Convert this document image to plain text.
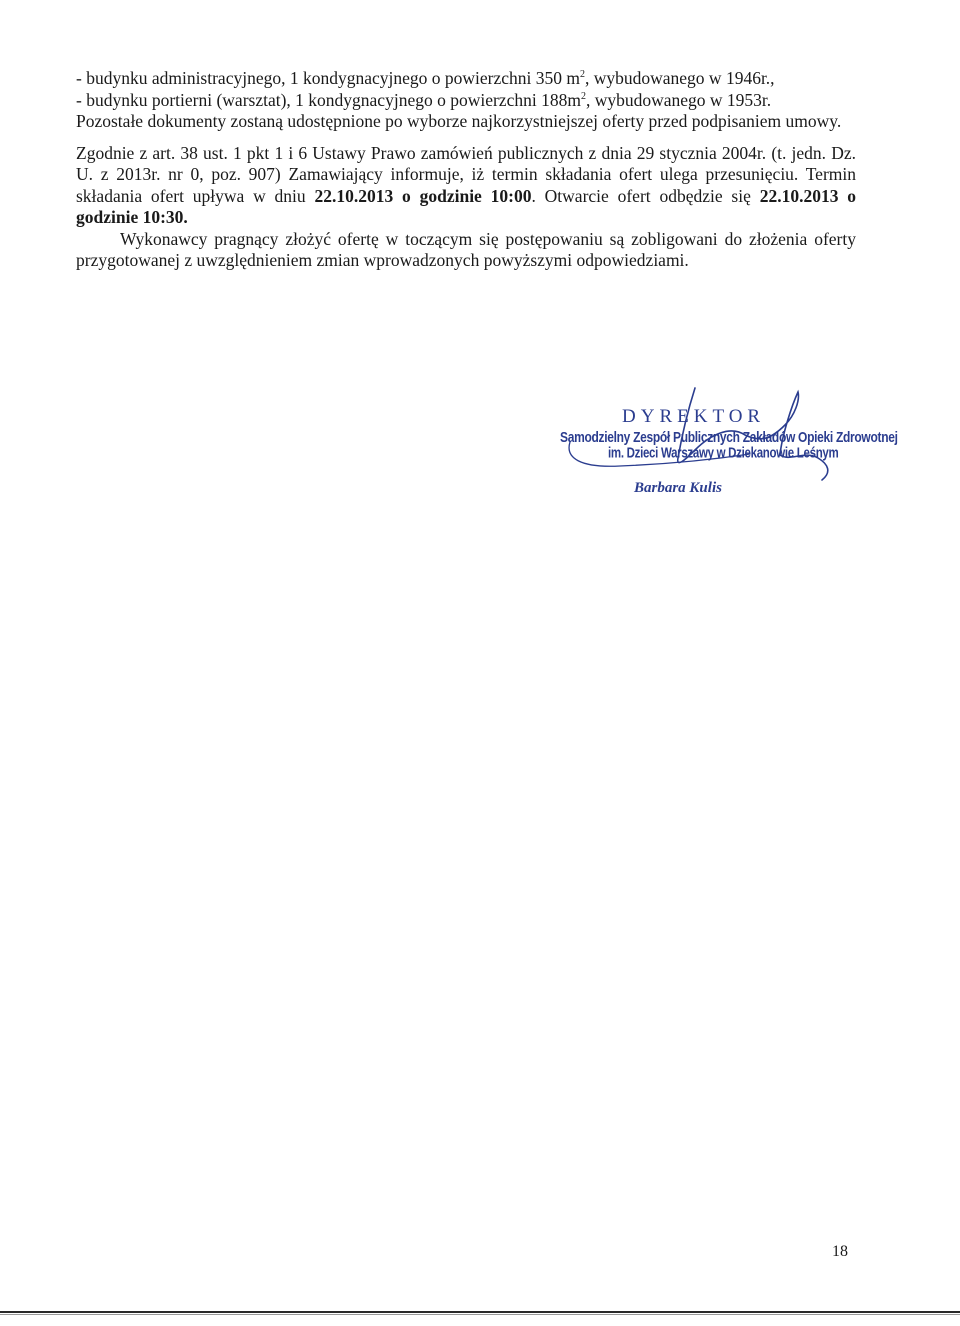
- budynku administracyjnego, 1 kondygnacyjnego o powierzchni 350 $m^2$, wybudowanego w 1946r.,
- budynku portierni (warsztat), 1 kondygnacyjnego o powierzchni $188m^2$, wybudowanego w 1953r.
Pozostałe dokumenty zostaną udostępnione po wyborze najkorzystniejszej oferty przed podpisaniem umowy.
Zgodnie z art. 38 ust. 1 pkt 1 i 6 Ustawy Prawo zamówień publicznych z dnia 29 stycznia 2004r. (t. jedn. Dz.
U. z 2013r. nr 0, poz. 907) Zamawiający informuje, iż termin składania ofert ulega przesunięciu. Termin
składania ofert upływa w dniu 22.10.2013 o godzinie 10:00. Otwarcie ofert odbędzie się 22.10.2013 o
godzinie 10:30.
Wykonawcy pragnący złożyć ofertę w toczącym się postępowaniu są zobligowani do złożenia oferty
przygotowanej z uwzględnieniem zmian wprowadzonych powyższymi odpowiedziami.
DYREKTOR
Samodzielny Zespół Publicznych Zakładów Opieki Zdrowotnej
im. Dzieci Warszawy w Dziekanowie Leśnym
Barbara Kulis
18
